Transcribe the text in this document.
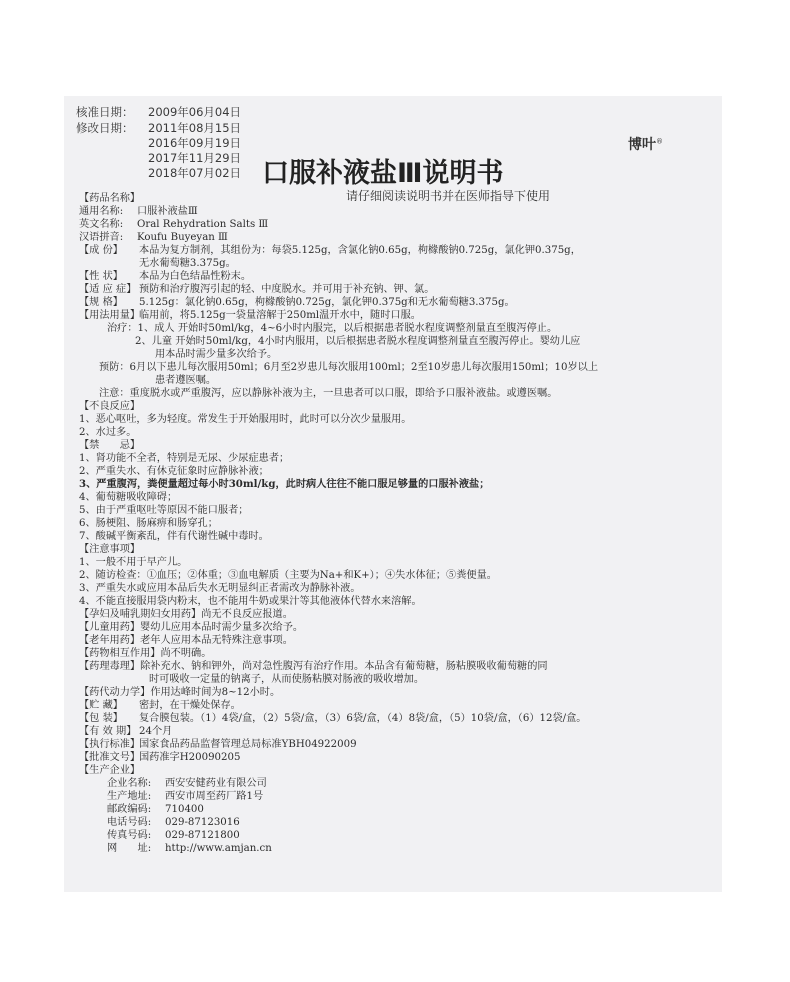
核准日期： 2009年06月04日
修改日期： 2011年08月15日
2016年09月19日
2017年11月29日
2018年07月02日
博叶®
口服补液盐Ⅲ说明书
请仔细阅读说明书并在医师指导下使用
【药品名称】
通用名称: 口服补液盐Ⅲ
英文名称: Oral Rehydration Salts Ⅲ
汉语拼音: Koufu Buyeyan Ⅲ
【成 份】 本品为复方制剂，其组份为：每袋5.125g，含氯化钠0.65g，枸橼酸钠0.725g，氯化钾0.375g，
无水葡萄糖3.375g。
【性 状】 本品为白色结晶性粉末。
【适 应 症】 预防和治疗腹泻引起的轻、中度脱水。并可用于补充钠、钾、氯。
【规 格】 5.125g：氯化钠0.65g，枸橼酸钠0.725g，氯化钾0.375g和无水葡萄糖3.375g。
【用法用量】临用前，将5.125g一袋量溶解于250ml温开水中，随时口服。
治疗：1、成人 开始时50ml/kg，4~6小时内服完，以后根据患者脱水程度调整剂量直至腹泻停止。
2、儿童 开始时50ml/kg，4小时内服用，以后根据患者脱水程度调整剂量直至腹泻停止。婴幼儿应
用本品时需少量多次给予。
预防：6月以下患儿每次服用50ml；6月至2岁患儿每次服用100ml；2至10岁患儿每次服用150ml；10岁以上
患者遵医嘱。
注意：重度脱水或严重腹泻，应以静脉补液为主，一旦患者可以口服，即给予口服补液盐。或遵医嘱。
【不良反应】
1、恶心呕吐，多为轻度。常发生于开始服用时，此时可以分次少量服用。
2、水过多。
【禁　　忌】
1、肾功能不全者，特别是无尿、少尿症患者；
2、严重失水、有休克征象时应静脉补液；
3、严重腹泻，粪便量超过每小时30ml/kg，此时病人往往不能口服足够量的口服补液盐；
4、葡萄糖吸收障碍；
5、由于严重呕吐等原因不能口服者；
6、肠梗阻、肠麻痹和肠穿孔；
7、酸碱平衡紊乱，伴有代谢性碱中毒时。
【注意事项】
1、一般不用于早产儿。
2、随访检查：①血压；②体重；③血电解质（主要为Na+和K+）；④失水体征；⑤粪便量。
3、严重失水或应用本品后失水无明显纠正者需改为静脉补液。
4、不能直接服用袋内粉末，也不能用牛奶或果汁等其他液体代替水来溶解。
【孕妇及哺乳期妇女用药】尚无不良反应报道。
【儿童用药】婴幼儿应用本品时需少量多次给予。
【老年用药】老年人应用本品无特殊注意事项。
【药物相互作用】尚不明确。
【药理毒理】除补充水、钠和钾外，尚对急性腹泻有治疗作用。本品含有葡萄糖，肠粘膜吸收葡萄糖的同
时可吸收一定量的钠离子，从而使肠粘膜对肠液的吸收增加。
【药代动力学】作用达峰时间为8~12小时。
【贮 藏】 密封，在干燥处保存。
【包 装】 复合膜包装。（1）4袋/盒，（2）5袋/盒，（3）6袋/盒，（4）8袋/盒，（5）10袋/盒，（6）12袋/盒。
【有 效 期】 24个月
【执行标准】国家食品药品监督管理总局标准YBH04922009
【批准文号】国药准字H20090205
【生产企业】
企业名称: 西安安健药业有限公司
生产地址: 西安市周至药厂路1号
邮政编码: 710400
电话号码: 029-87123016
传真号码: 029-87121800
网　　址: http://www.amjan.cn
